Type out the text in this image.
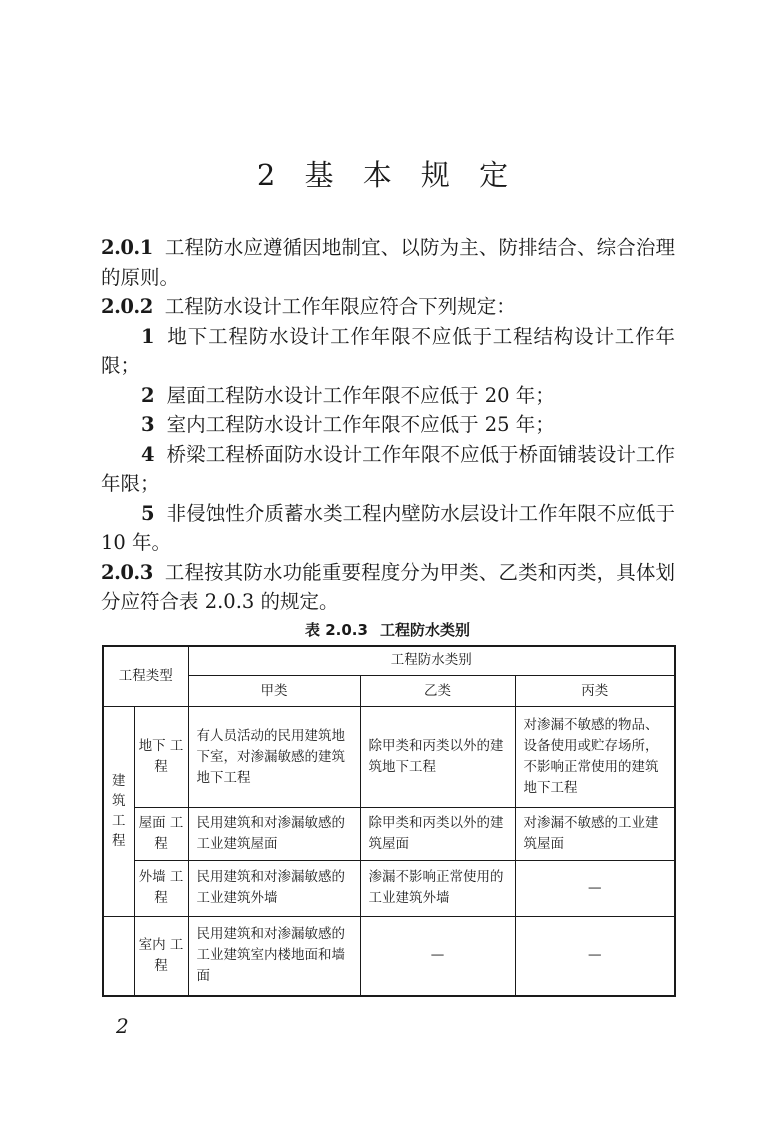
2 基 本 规 定

2.0.1 工程防水应遵循因地制宜、以防为主、防排结合、综合治理的原则。

2.0.2 工程防水设计工作年限应符合下列规定：

1 地下工程防水设计工作年限不应低于工程结构设计工作年限；

2 屋面工程防水设计工作年限不应低于 20 年；

3 室内工程防水设计工作年限不应低于 25 年；

4 桥梁工程桥面防水设计工作年限不应低于桥面铺装设计工作年限；

5 非侵蚀性介质蓄水类工程内壁防水层设计工作年限不应低于 10 年。

2.0.3 工程按其防水功能重要程度分为甲类、乙类和丙类，具体划分应符合表 2.0.3 的规定。

表 2.0.3 工程防水类别
工程类型		工程防水类别		
		甲类	乙类	丙类
建 筑 工 程	地下 工程	有人员活动的民用建筑地下室，对渗漏敏感的建筑地下工程	除甲类和丙类以外的建筑地下工程	对渗漏不敏感的物品、设备使用或贮存场所，不影响正常使用的建筑地下工程
	屋面 工程	民用建筑和对渗漏敏感的工业建筑屋面	除甲类和丙类以外的建筑屋面	对渗漏不敏感的工业建筑屋面
	外墙 工程	民用建筑和对渗漏敏感的工业建筑外墙	渗漏不影响正常使用的工业建筑外墙	—
	室内 工程	民用建筑和对渗漏敏感的工业建筑室内楼地面和墙面	—	—
2
